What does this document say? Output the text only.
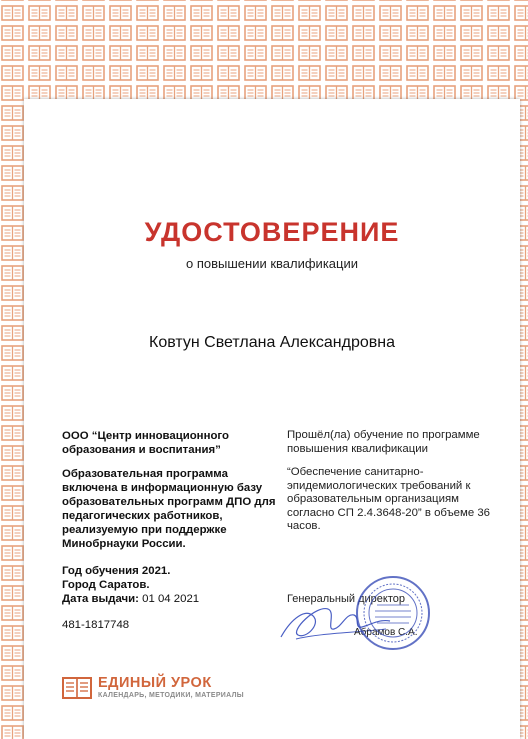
УДОСТОВЕРЕНИЕ
о повышении квалификации
Ковтун Светлана Александровна
ООО “Центр инновационного образования и воспитания”
Образовательная программа включена в информационную базу образовательных программ ДПО для педагогических работников, реализуемую при поддержке Минобрнауки России.
Год обучения 2021.
Город Саратов.
Дата выдачи: 01 04 2021
481-1817748
Прошёл(ла) обучение по программе повышения квалификации
“Обеспечение санитарно-эпидемиологических требований к образовательным организациям согласно СП 2.4.3648-20” в объеме 36 часов.
Генеральный директор
Абрамов С.А.
ЕДИНЫЙ УРОК
КАЛЕНДАРЬ, МЕТОДИКИ, МАТЕРИАЛЫ
